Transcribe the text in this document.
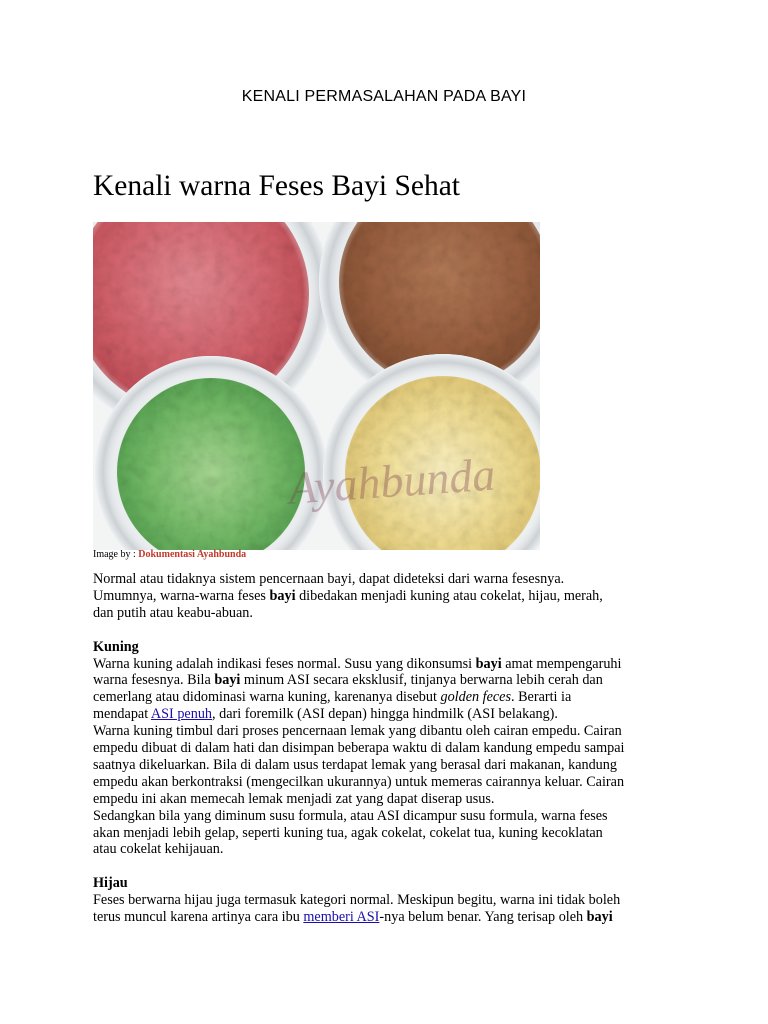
KENALI PERMASALAHAN PADA BAYI
Kenali warna Feses Bayi Sehat
Ayahbunda
Image by : Dokumentasi Ayahbunda

Normal atau tidaknya sistem pencernaan bayi, dapat dideteksi dari warna fesesnya.

Umumnya, warna-warna feses bayi dibedakan menjadi kuning atau cokelat, hijau, merah,

dan putih atau keabu-abuan.

Kuning

Warna kuning adalah indikasi feses normal. Susu yang dikonsumsi bayi amat mempengaruhi

warna fesesnya. Bila bayi minum ASI secara eksklusif, tinjanya berwarna lebih cerah dan

cemerlang atau didominasi warna kuning, karenanya disebut golden feces. Berarti ia

mendapat ASI penuh, dari foremilk (ASI depan) hingga hindmilk (ASI belakang).

Warna kuning timbul dari proses pencernaan lemak yang dibantu oleh cairan empedu. Cairan

empedu dibuat di dalam hati dan disimpan beberapa waktu di dalam kandung empedu sampai

saatnya dikeluarkan. Bila di dalam usus terdapat lemak yang berasal dari makanan, kandung

empedu akan berkontraksi (mengecilkan ukurannya) untuk memeras cairannya keluar. Cairan

empedu ini akan memecah lemak menjadi zat yang dapat diserap usus.

Sedangkan bila yang diminum susu formula, atau ASI dicampur susu formula, warna feses

akan menjadi lebih gelap, seperti kuning tua, agak cokelat, cokelat tua, kuning kecoklatan

atau cokelat kehijauan.

Hijau

Feses berwarna hijau juga termasuk kategori normal. Meskipun begitu, warna ini tidak boleh

terus muncul karena artinya cara ibu memberi ASI-nya belum benar. Yang terisap oleh bayi
